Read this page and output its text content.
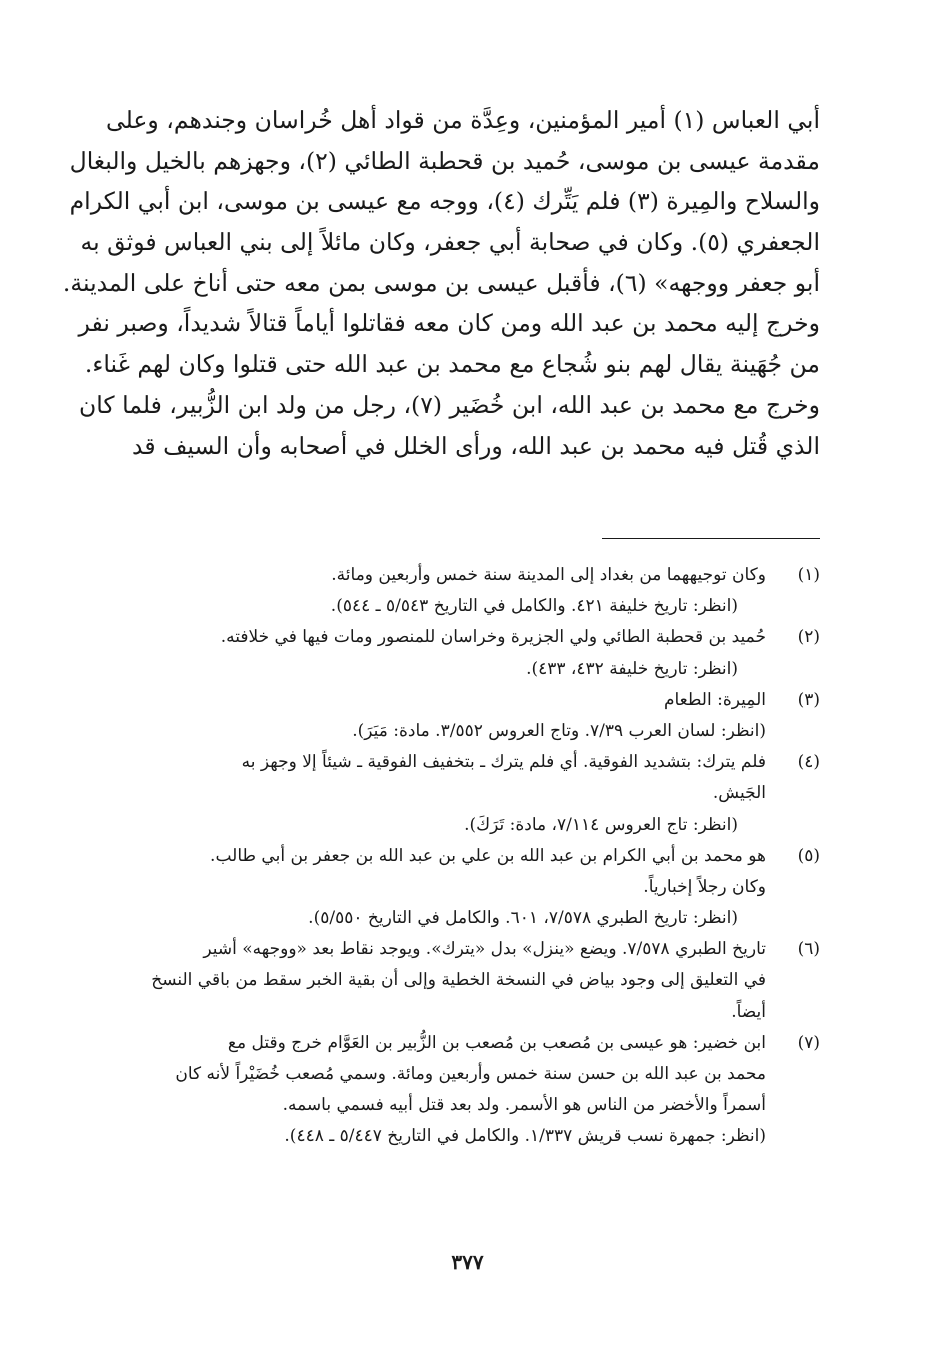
أبي العباس (١) أمير المؤمنين، وعِدَّة من قواد أهل خُراسان وجندهم، وعلى
مقدمة عيسى بن موسى، حُميد بن قحطبة الطائي (٢)، وجهزهم بالخيل والبغال
والسلاح والمِيرة (٣) فلم يَتِّرك (٤)، ووجه مع عيسى بن موسى، ابن أبي الكرام
الجعفري (٥). وكان في صحابة أبي جعفر، وكان مائلاً إلى بني العباس فوثق به
أبو جعفر ووجهه» (٦)، فأقبل عيسى بن موسى بمن معه حتى أناخ على المدينة.
وخرج إليه محمد بن عبد الله ومن كان معه فقاتلوا أياماً قتالاً شديداً، وصبر نفر
من جُهَينة يقال لهم بنو شُجاع مع محمد بن عبد الله حتى قتلوا وكان لهم غَناء.
وخرج مع محمد بن عبد الله، ابن خُضَير (٧)، رجل من ولد ابن الزُّبير، فلما كان
الذي قُتل فيه محمد بن عبد الله، ورأى الخلل في أصحابه وأن السيف قد
(١)
وكان توجيههما من بغداد إلى المدينة سنة خمس وأربعين ومائة.
(انظر: تاريخ خليفة ٤٢١. والكامل في التاريخ ٥/٥٤٣ ـ ٥٤٤).
(٢)
حُميد بن قحطبة الطائي ولي الجزيرة وخراسان للمنصور ومات فيها في خلافته.
(انظر: تاريخ خليفة ٤٣٢، ٤٣٣).
(٣)
المِيرة: الطعام
(انظر: لسان العرب ٧/٣٩. وتاج العروس ٣/٥٥٢. مادة: مَيَرَ).
(٤)
فلم يترك: بتشديد الفوقية. أي فلم يترك ـ بتخفيف الفوقية ـ شيئاً إلا وجهز به
الجَيش.
(انظر: تاج العروس ٧/١١٤، مادة: تَرَكَ).
(٥)
هو محمد بن أبي الكرام بن عبد الله بن علي بن عبد الله بن جعفر بن أبي طالب.
وكان رجلاً إخبارياً.
(انظر: تاريخ الطبري ٧/٥٧٨، ٦٠١. والكامل في التاريخ ٥/٥٥٠).
(٦)
تاريخ الطبري ٧/٥٧٨. ويضع «ينزل» بدل «يترك». ويوجد نقاط بعد «ووجهه» أشير
في التعليق إلى وجود بياض في النسخة الخطية وإلى أن بقية الخبر سقط من باقي النسخ
أيضاً.
(٧)
ابن خضير: هو عيسى بن مُصعب بن مُصعب بن الزُّبير بن العَوَّام خرج وقتل مع
محمد بن عبد الله بن حسن سنة خمس وأربعين ومائة. وسمي مُصعب خُضَيْراً لأنه كان
أسمراً والأخضر من الناس هو الأسمر. ولد بعد قتل أبيه فسمي باسمه.
(انظر: جمهرة نسب قريش ١/٣٣٧. والكامل في التاريخ ٥/٤٤٧ ـ ٤٤٨).
٣٧٧
